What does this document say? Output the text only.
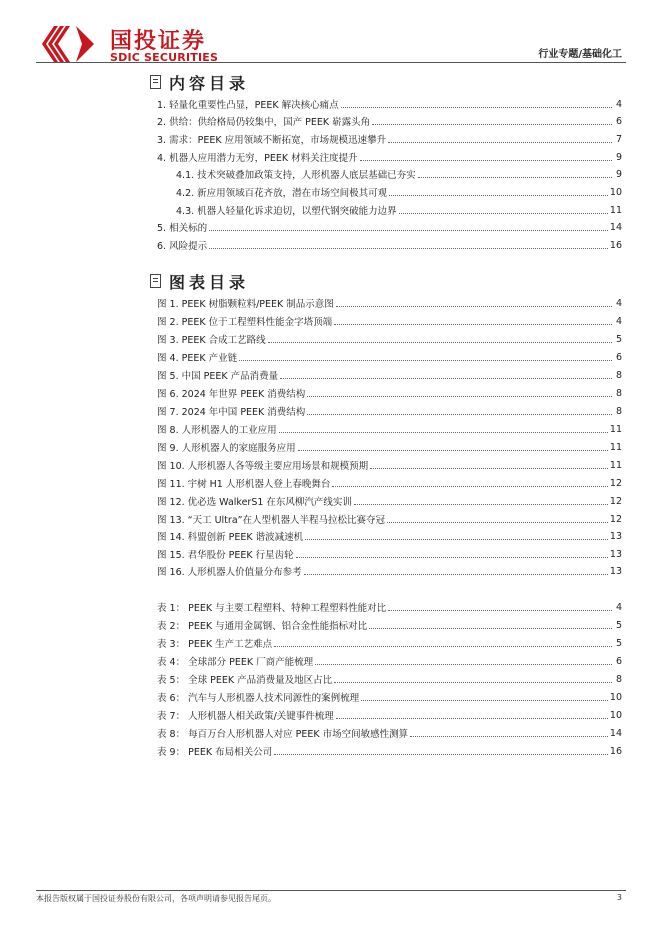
国投证券
SDIC SECURITIES	行业专题/基础化工
内容目录
1. 轻量化重要性凸显，PEEK 解决核心痛点	4
2. 供给：供给格局仍较集中，国产 PEEK 崭露头角	6
3. 需求：PEEK 应用领域不断拓宽，市场规模迅速攀升	7
4. 机器人应用潜力无穷，PEEK 材料关注度提升	9
4.1. 技术突破叠加政策支持，人形机器人底层基础已夯实	9
4.2. 新应用领域百花齐放，潜在市场空间极其可观	10
4.3. 机器人轻量化诉求迫切，以塑代钢突破能力边界	11
5. 相关标的	14
6. 风险提示	16
图表目录
图 1. PEEK 树脂颗粒料/PEEK 制品示意图	4
图 2. PEEK 位于工程塑料性能金字塔顶端	4
图 3. PEEK 合成工艺路线	5
图 4. PEEK 产业链	6
图 5. 中国 PEEK 产品消费量	8
图 6. 2024 年世界 PEEK 消费结构	8
图 7. 2024 年中国 PEEK 消费结构	8
图 8. 人形机器人的工业应用	11
图 9. 人形机器人的家庭服务应用	11
图 10. 人形机器人各等级主要应用场景和规模预期	11
图 11. 宇树 H1 人形机器人登上春晚舞台	12
图 12. 优必选 WalkerS1 在东风柳汽产线实训	12
图 13. “天工 Ultra”在人型机器人半程马拉松比赛夺冠	12
图 14. 科盟创新 PEEK 谐波减速机	13
图 15. 君华股份 PEEK 行星齿轮	13
图 16. 人形机器人价值量分布参考	13
表 1： PEEK 与主要工程塑料、特种工程塑料性能对比	4
表 2： PEEK 与通用金属钢、铝合金性能指标对比	5
表 3： PEEK 生产工艺难点	5
表 4： 全球部分 PEEK 厂商产能梳理	6
表 5： 全球 PEEK 产品消费量及地区占比	8
表 6： 汽车与人形机器人技术同源性的案例梳理	10
表 7： 人形机器人相关政策/关键事件梳理	10
表 8： 每百万台人形机器人对应 PEEK 市场空间敏感性测算	14
表 9： PEEK 布局相关公司	16
本报告版权属于国投证券股份有限公司，各项声明请参见报告尾页。	3
